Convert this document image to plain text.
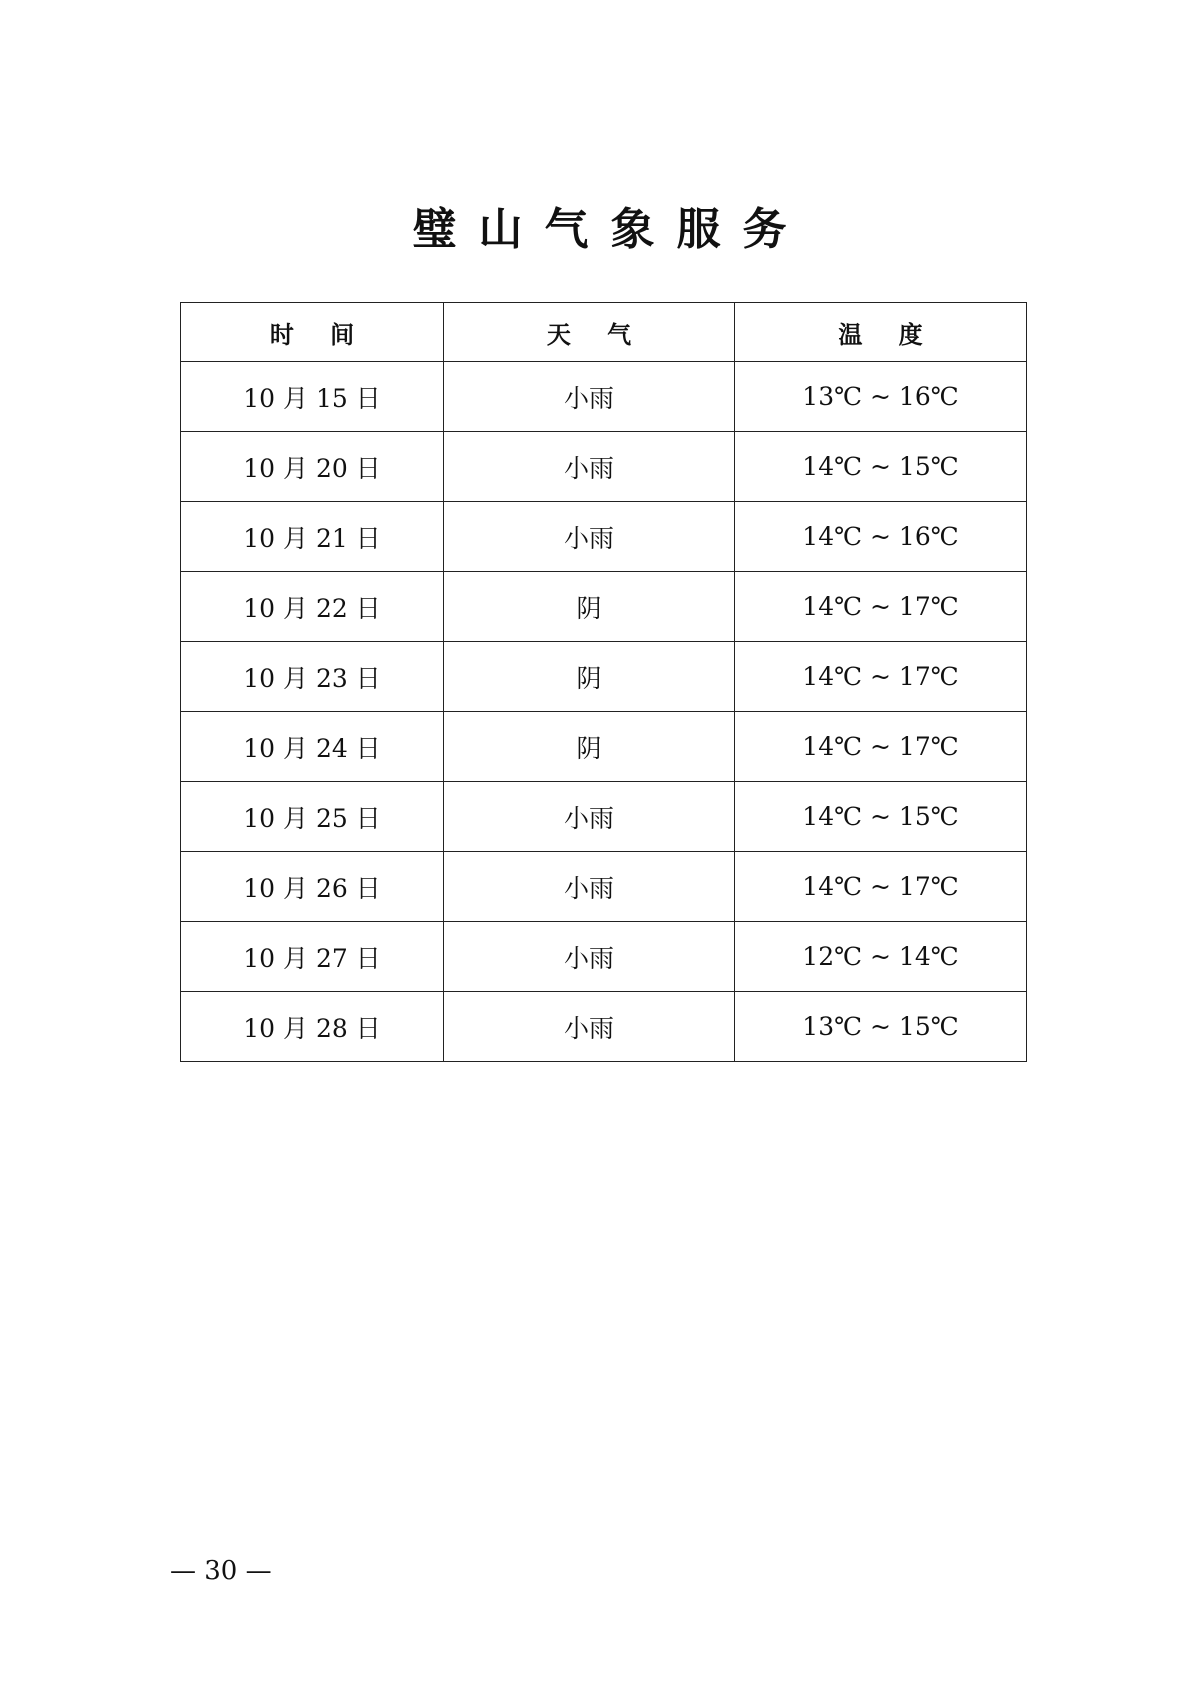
璧山气象服务
时 间	天 气	温 度
10 月 15 日	小雨	13℃ ~ 16℃
10 月 20 日	小雨	14℃ ~ 15℃
10 月 21 日	小雨	14℃ ~ 16℃
10 月 22 日	阴	14℃ ~ 17℃
10 月 23 日	阴	14℃ ~ 17℃
10 月 24 日	阴	14℃ ~ 17℃
10 月 25 日	小雨	14℃ ~ 15℃
10 月 26 日	小雨	14℃ ~ 17℃
10 月 27 日	小雨	12℃ ~ 14℃
10 月 28 日	小雨	13℃ ~ 15℃
— 30 —
